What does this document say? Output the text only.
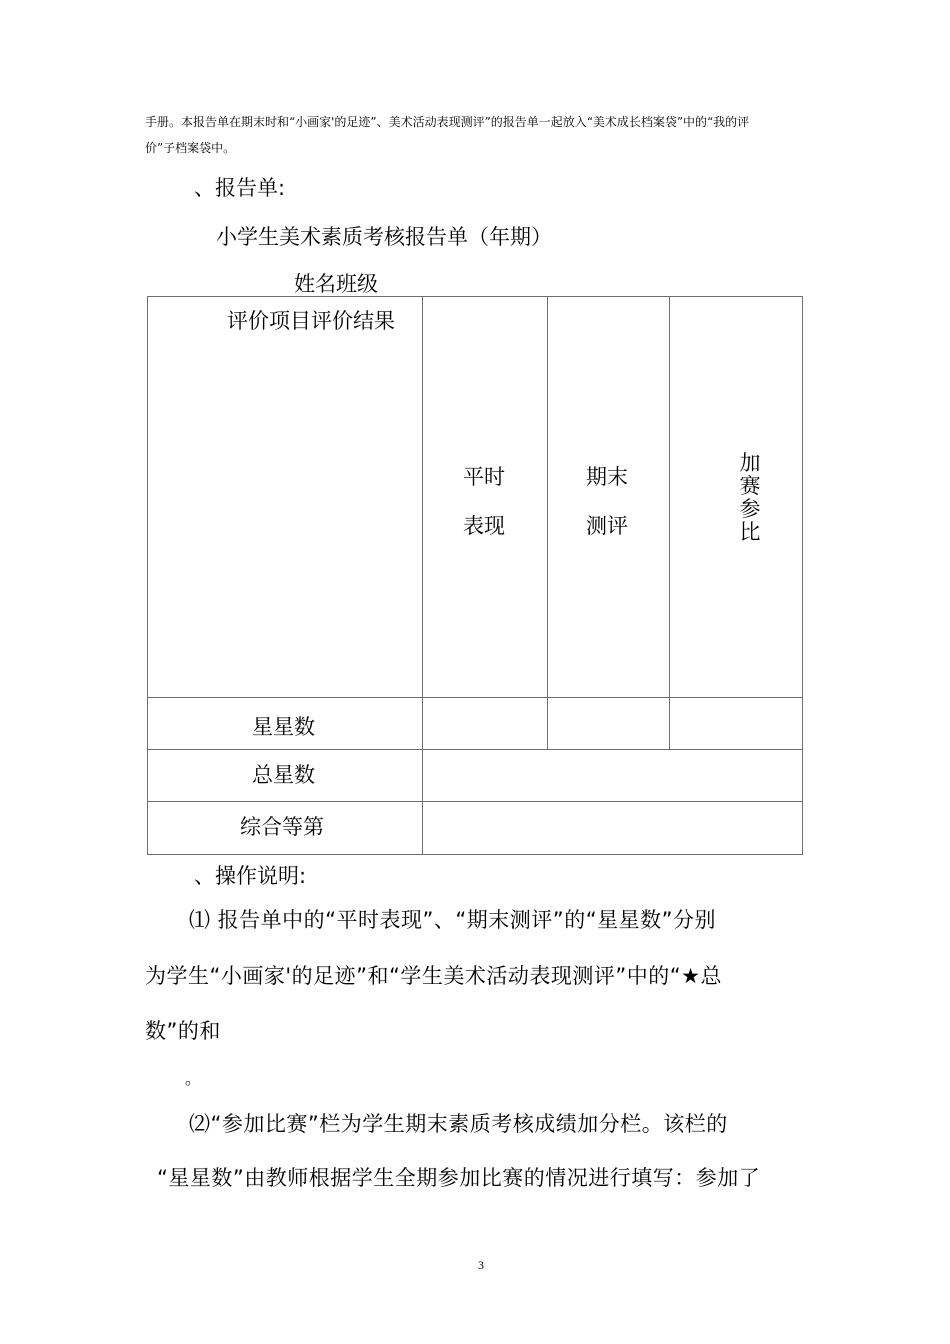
手册。本报告单在期末时和“小画家'的足迹”、美术活动表现测评”的报告单一起放入“美术成长档案袋”中的“我的评
价”子档案袋中。
、报告单:
小学生美术素质考核报告单（年期）
姓名班级
评价项目评价结果
平时
表现
期末
测评
加赛参比
星星数
总星数
综合等第
、操作说明:
⑴ 报告单中的“平时表现”、“期末测评”的“星星数”分别
为学生“小画家'的足迹”和“学生美术活动表现测评”中的“★总
数”的和
。
⑵“参加比赛”栏为学生期末素质考核成绩加分栏。该栏的
“星星数”由教师根据学生全期参加比赛的情况进行填写：参加了
3
